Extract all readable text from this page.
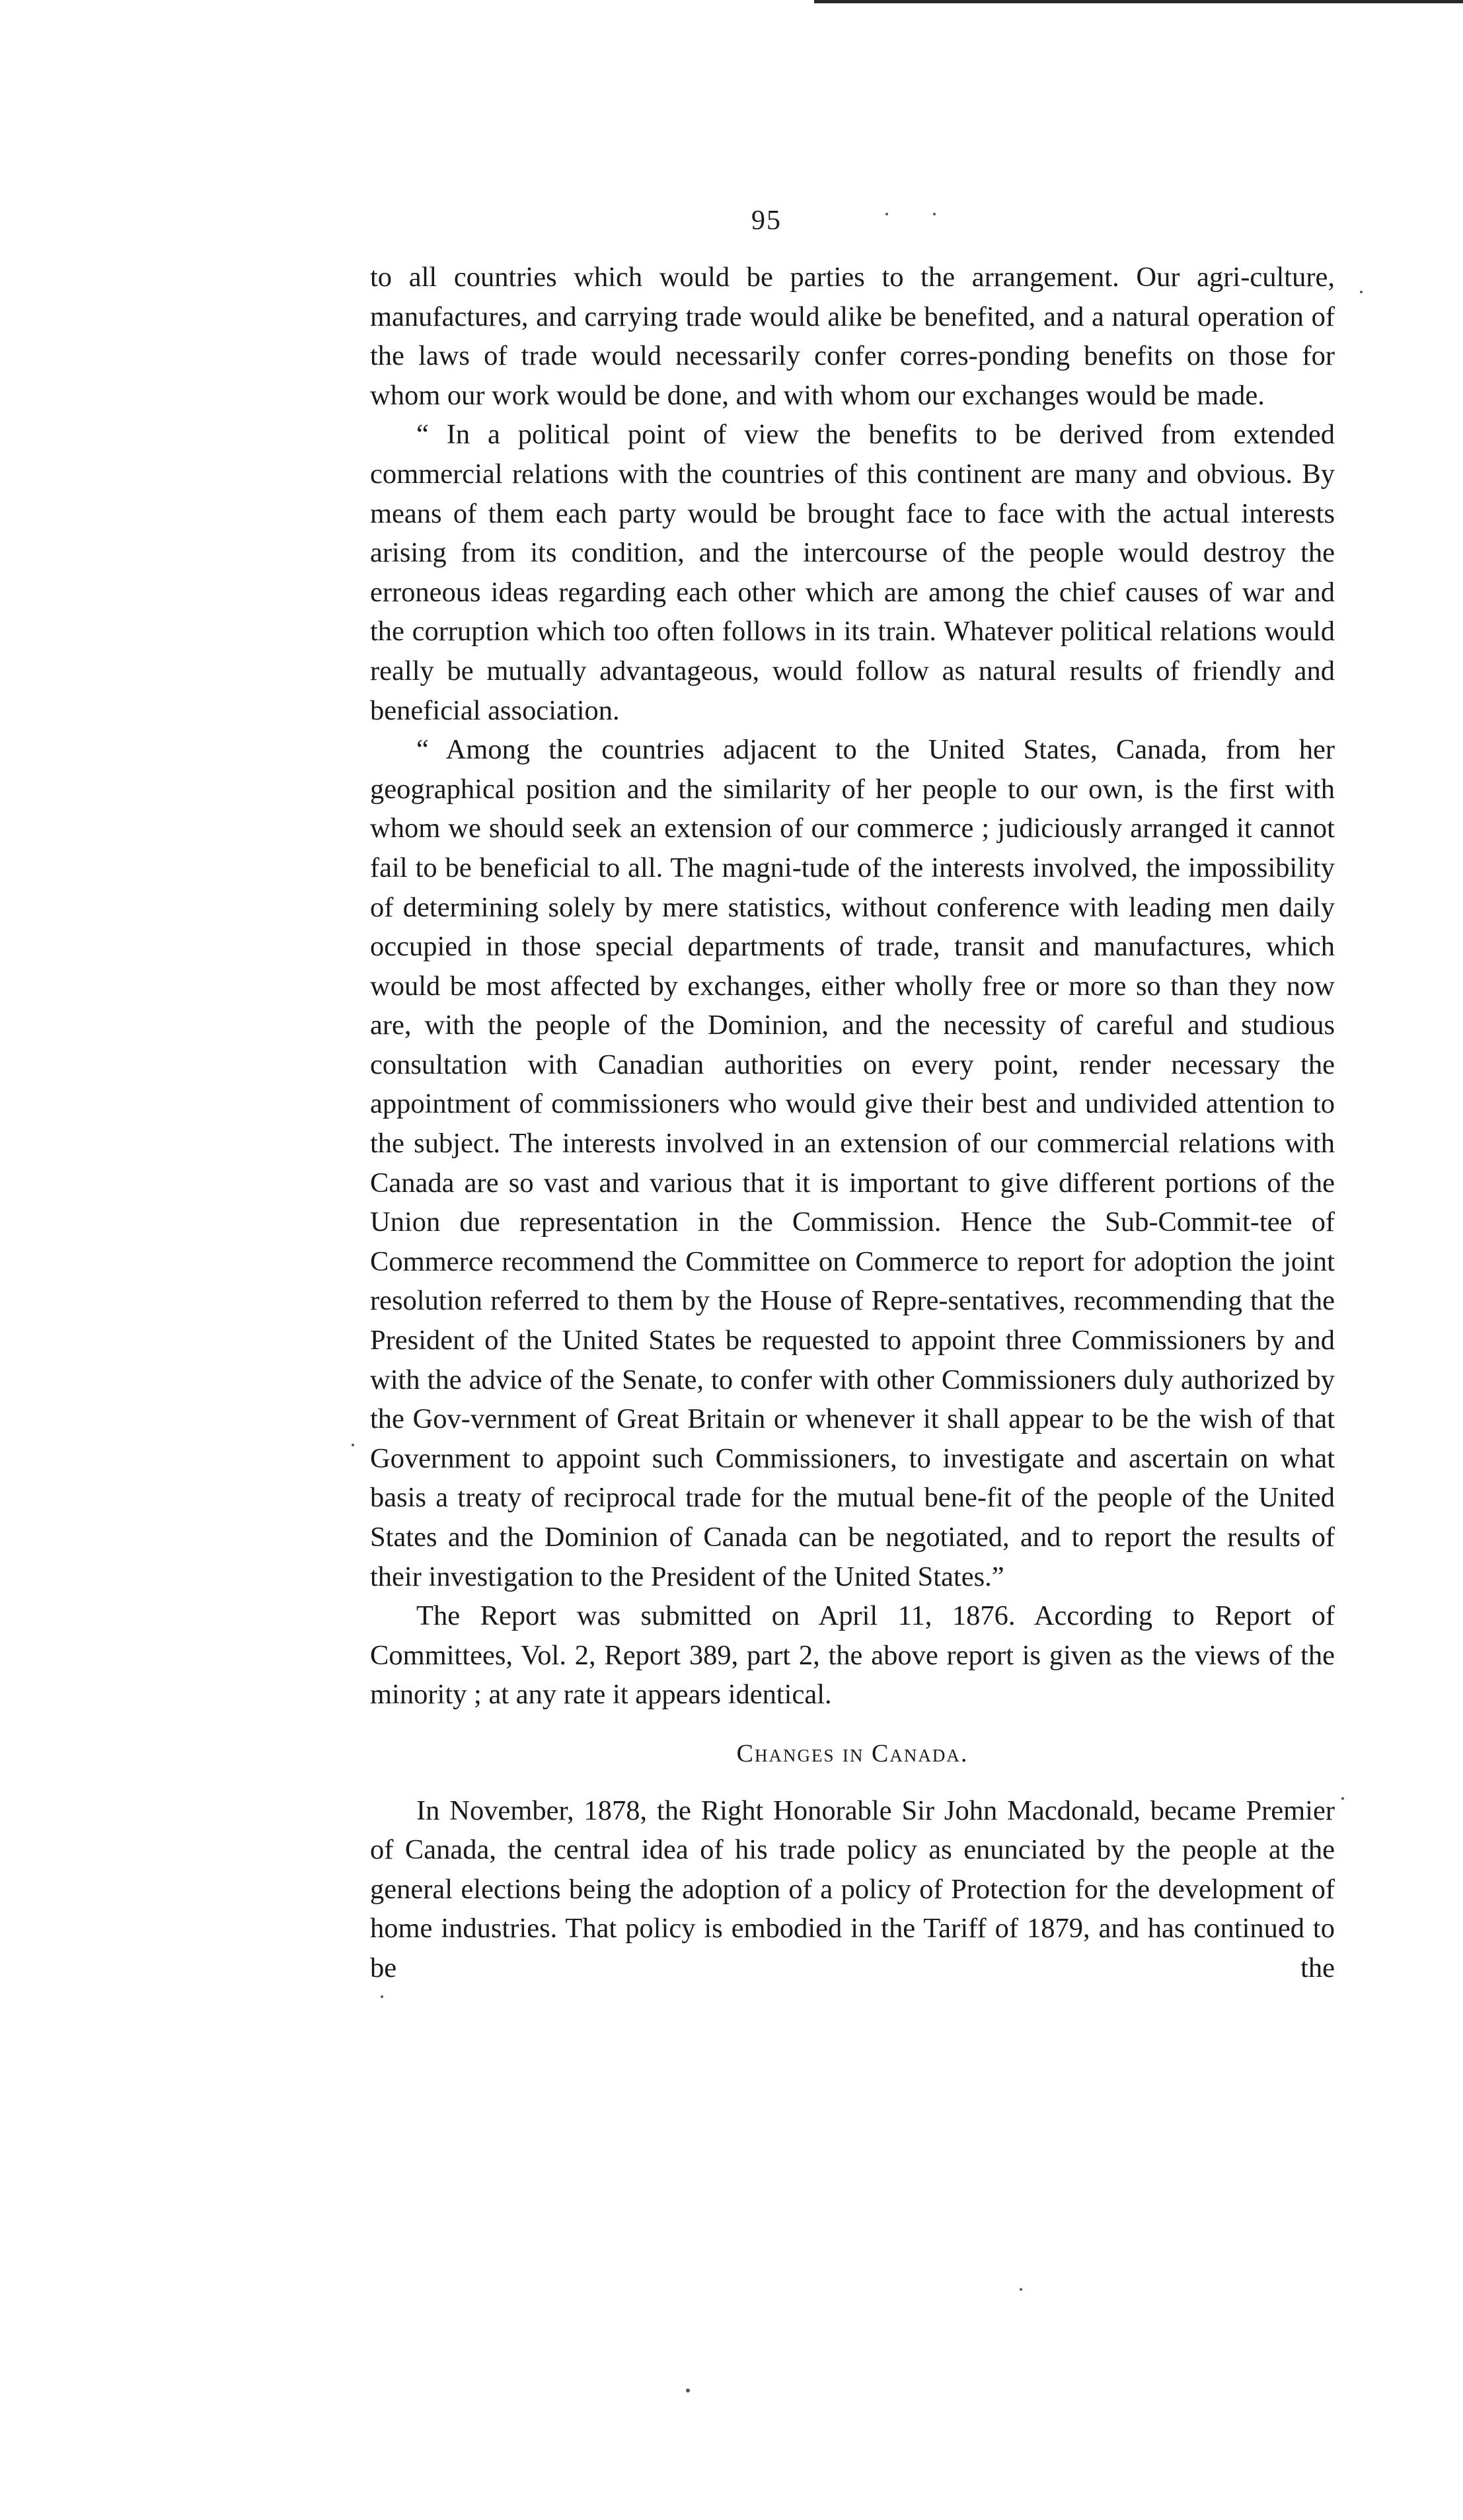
95

to all countries which would be parties to the arrangement. Our agri-culture, manufactures, and carrying trade would alike be benefited, and a natural operation of the laws of trade would necessarily confer corres-ponding benefits on those for whom our work would be done, and with whom our exchanges would be made.

“ In a political point of view the benefits to be derived from extended commercial relations with the countries of this continent are many and obvious. By means of them each party would be brought face to face with the actual interests arising from its condition, and the intercourse of the people would destroy the erroneous ideas regarding each other which are among the chief causes of war and the corruption which too often follows in its train. Whatever political relations would really be mutually advantageous, would follow as natural results of friendly and beneficial association.

“ Among the countries adjacent to the United States, Canada, from her geographical position and the similarity of her people to our own, is the first with whom we should seek an extension of our commerce ; judiciously arranged it cannot fail to be beneficial to all. The magni-tude of the interests involved, the impossibility of determining solely by mere statistics, without conference with leading men daily occupied in those special departments of trade, transit and manufactures, which would be most affected by exchanges, either wholly free or more so than they now are, with the people of the Dominion, and the necessity of careful and studious consultation with Canadian authorities on every point, render necessary the appointment of commissioners who would give their best and undivided attention to the subject. The interests involved in an extension of our commercial relations with Canada are so vast and various that it is important to give different portions of the Union due representation in the Commission. Hence the Sub-Commit-tee of Commerce recommend the Committee on Commerce to report for adoption the joint resolution referred to them by the House of Repre-sentatives, recommending that the President of the United States be requested to appoint three Commissioners by and with the advice of the Senate, to confer with other Commissioners duly authorized by the Gov-vernment of Great Britain or whenever it shall appear to be the wish of that Government to appoint such Commissioners, to investigate and ascertain on what basis a treaty of reciprocal trade for the mutual bene-fit of the people of the United States and the Dominion of Canada can be negotiated, and to report the results of their investigation to the President of the United States.”

The Report was submitted on April 11, 1876. According to Report of Committees, Vol. 2, Report 389, part 2, the above report is given as the views of the minority ; at any rate it appears identical.

Changes in Canada.

In November, 1878, the Right Honorable Sir John Macdonald, became Premier of Canada, the central idea of his trade policy as enunciated by the people at the general elections being the adoption of a policy of Protection for the development of home industries. That policy is embodied in the Tariff of 1879, and has continued to be the
